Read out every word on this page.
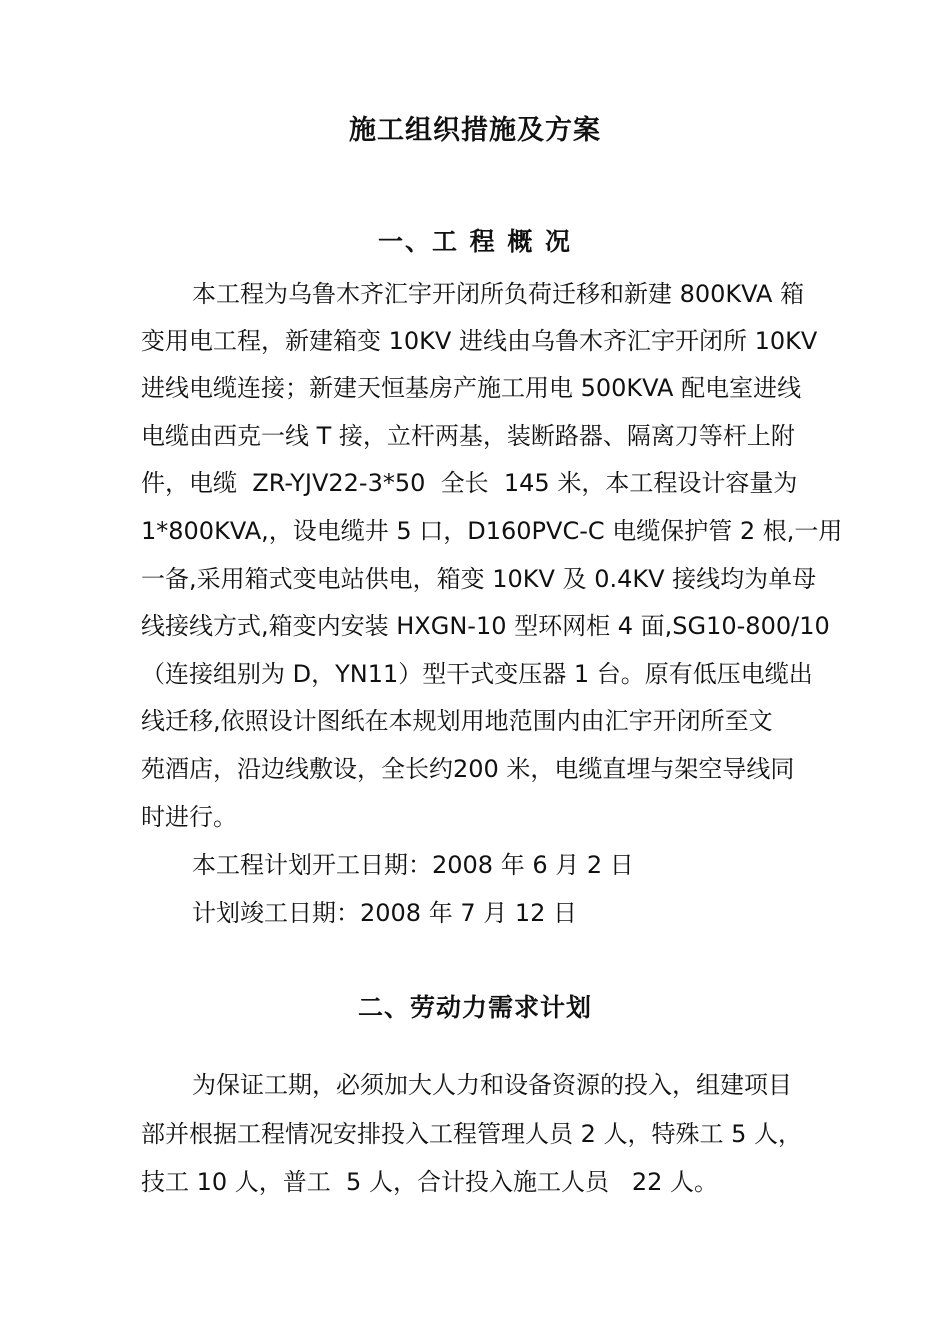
施工组织措施及方案
一、工 程 概 况
本工程为乌鲁木齐汇宇开闭所负荷迁移和新建 800KVA 箱
变用电工程，新建箱变 10KV 进线由乌鲁木齐汇宇开闭所 10KV
进线电缆连接；新建天恒基房产施工用电 500KVA 配电室进线
电缆由西克一线 T 接，立杆两基，装断路器、隔离刀等杆上附
件，电缆  ZR-YJV22-3*50  全长  145 米，本工程设计容量为
1*800KVA,，设电缆井 5 口，D160PVC-C 电缆保护管 2 根,一用
一备,采用箱式变电站供电，箱变 10KV 及 0.4KV 接线均为单母
线接线方式,箱变内安装 HXGN-10 型环网柜 4 面,SG10-800/10
（连接组别为 D，YN11）型干式变压器 1 台。原有低压电缆出
线迁移,依照设计图纸在本规划用地范围内由汇宇开闭所至文
苑酒店，沿边线敷设，全长约200 米，电缆直埋与架空导线同
时进行。
本工程计划开工日期：2008 年 6 月 2 日
计划竣工日期：2008 年 7 月 12 日
二、劳动力需求计划
为保证工期，必须加大人力和设备资源的投入，组建项目
部并根据工程情况安排投入工程管理人员 2 人，特殊工 5 人，
技工 10 人，普工  5 人，合计投入施工人员   22 人。
